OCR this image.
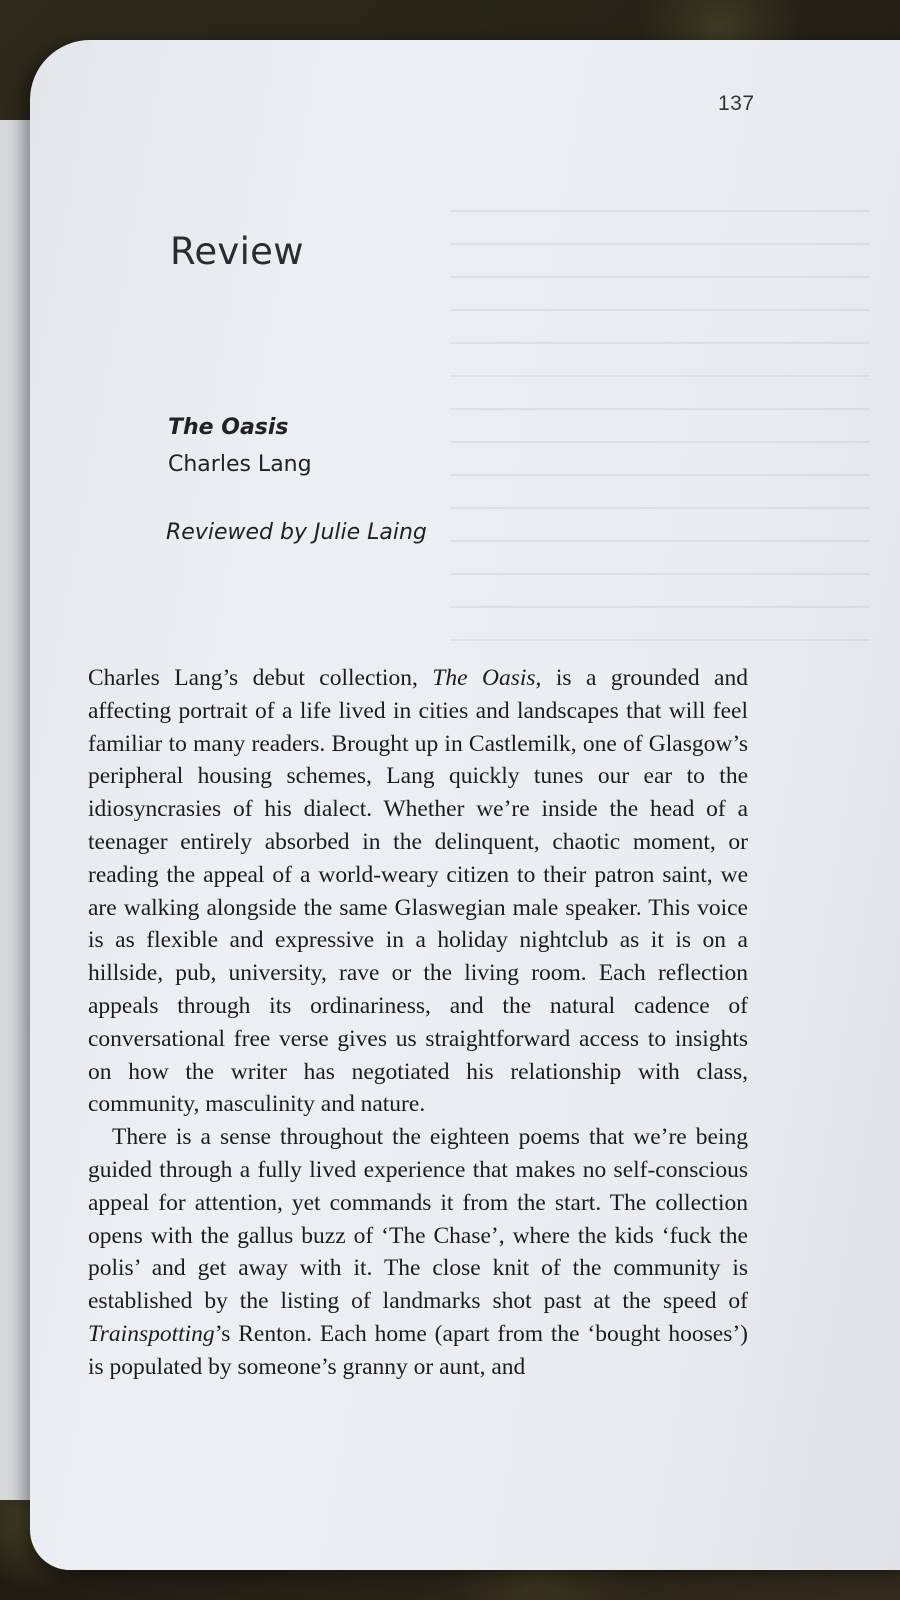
137
Review
The Oasis
Charles Lang
Reviewed by Julie Laing

Charles Lang’s debut collection, The Oasis, is a grounded and affecting portrait of a life lived in cities and landscapes that will feel familiar to many readers. Brought up in Castlemilk, one of Glasgow’s peripheral housing schemes, Lang quickly tunes our ear to the idiosyncrasies of his dialect. Whether we’re inside the head of a teenager entirely absorbed in the delinquent, chaotic moment, or reading the appeal of a world-weary citizen to their patron saint, we are walking alongside the same Glaswegian male speaker. This voice is as flexible and expressive in a holiday nightclub as it is on a hillside, pub, university, rave or the living room. Each reflection appeals through its ordinariness, and the natural cadence of conversational free verse gives us straightforward access to insights on how the writer has negotiated his relationship with class, community, masculinity and nature.

There is a sense throughout the eighteen poems that we’re being guided through a fully lived experience that makes no self-conscious appeal for attention, yet commands it from the start. The collection opens with the gallus buzz of ‘The Chase’, where the kids ‘fuck the polis’ and get away with it. The close knit of the community is established by the listing of landmarks shot past at the speed of Trainspotting’s Renton. Each home (apart from the ‘bought hooses’) is populated by someone’s granny or aunt, and
